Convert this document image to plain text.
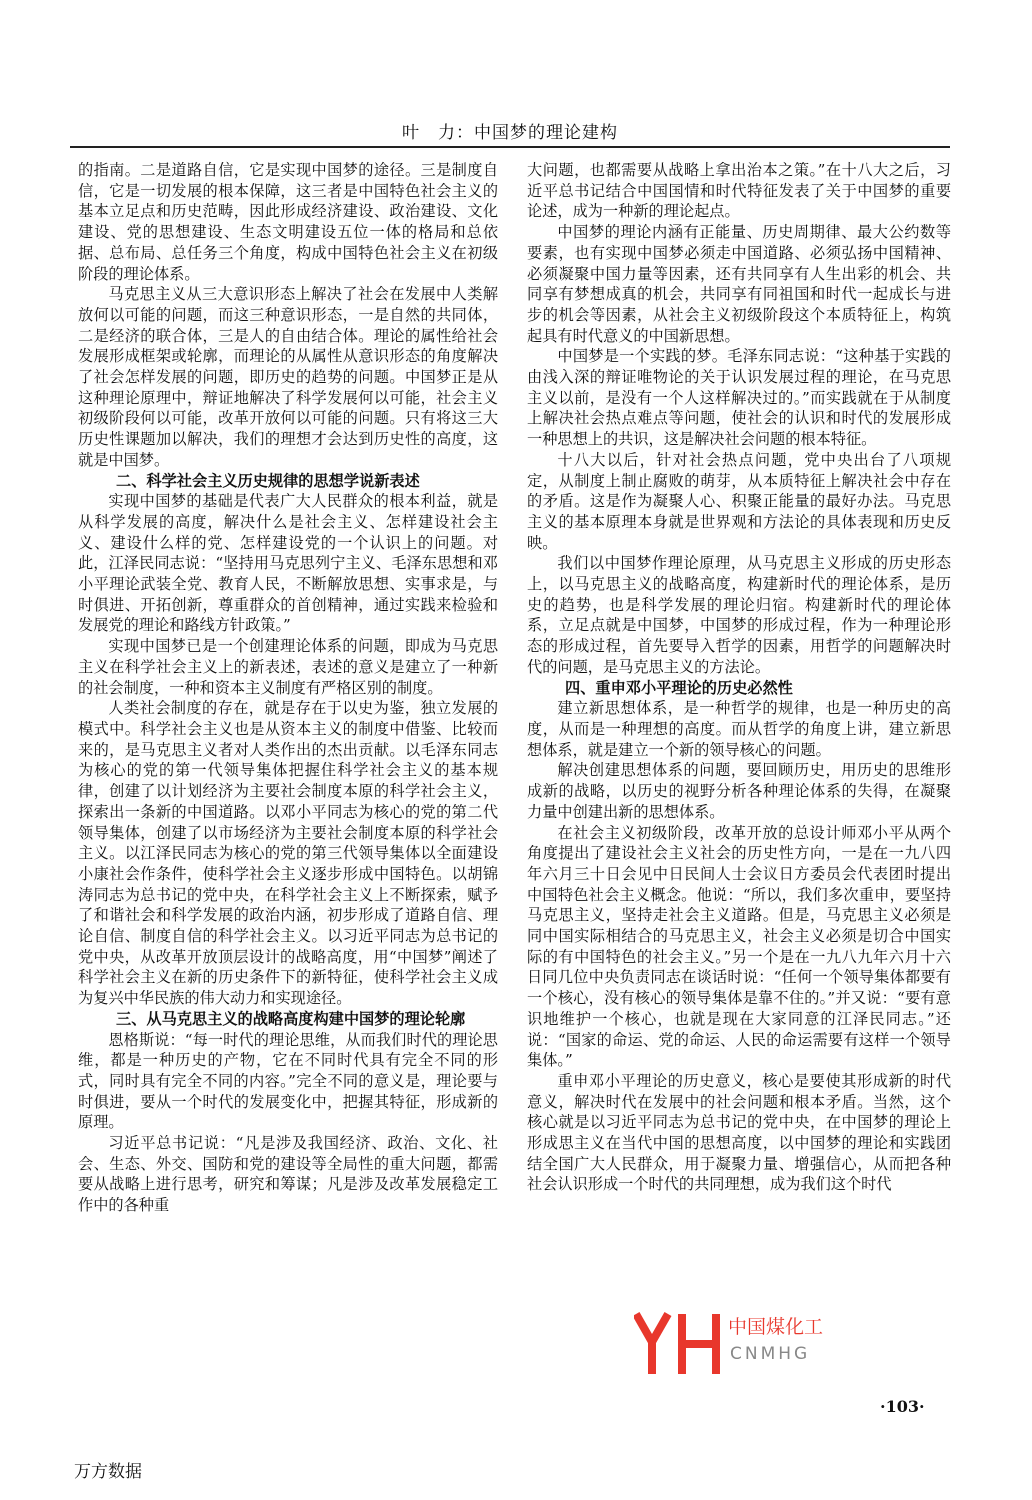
叶　力：中国梦的理论建构

的指南。二是道路自信，它是实现中国梦的途径。三是制度自信，它是一切发展的根本保障，这三者是中国特色社会主义的基本立足点和历史范畴，因此形成经济建设、政治建设、文化建设、党的思想建设、生态文明建设五位一体的格局和总依据、总布局、总任务三个角度，构成中国特色社会主义在初级阶段的理论体系。

马克思主义从三大意识形态上解决了社会在发展中人类解放何以可能的问题，而这三种意识形态，一是自然的共同体，二是经济的联合体，三是人的自由结合体。理论的属性给社会发展形成框架或轮廓，而理论的从属性从意识形态的角度解决了社会怎样发展的问题，即历史的趋势的问题。中国梦正是从这种理论原理中，辩证地解决了科学发展何以可能，社会主义初级阶段何以可能，改革开放何以可能的问题。只有将这三大历史性课题加以解决，我们的理想才会达到历史性的高度，这就是中国梦。

二、科学社会主义历史规律的思想学说新表述

实现中国梦的基础是代表广大人民群众的根本利益，就是从科学发展的高度，解决什么是社会主义、怎样建设社会主义、建设什么样的党、怎样建设党的一个认识上的问题。对此，江泽民同志说：“坚持用马克思列宁主义、毛泽东思想和邓小平理论武装全党、教育人民，不断解放思想、实事求是，与时俱进、开拓创新，尊重群众的首创精神，通过实践来检验和发展党的理论和路线方针政策。”

实现中国梦已是一个创建理论体系的问题，即成为马克思主义在科学社会主义上的新表述，表述的意义是建立了一种新的社会制度，一种和资本主义制度有严格区别的制度。

人类社会制度的存在，就是存在于以史为鉴，独立发展的模式中。科学社会主义也是从资本主义的制度中借鉴、比较而来的，是马克思主义者对人类作出的杰出贡献。以毛泽东同志为核心的党的第一代领导集体把握住科学社会主义的基本规律，创建了以计划经济为主要社会制度本原的科学社会主义，探索出一条新的中国道路。以邓小平同志为核心的党的第二代领导集体，创建了以市场经济为主要社会制度本原的科学社会主义。以江泽民同志为核心的党的第三代领导集体以全面建设小康社会作条件，使科学社会主义逐步形成中国特色。以胡锦涛同志为总书记的党中央，在科学社会主义上不断探索，赋予了和谐社会和科学发展的政治内涵，初步形成了道路自信、理论自信、制度自信的科学社会主义。以习近平同志为总书记的党中央，从改革开放顶层设计的战略高度，用“中国梦”阐述了科学社会主义在新的历史条件下的新特征，使科学社会主义成为复兴中华民族的伟大动力和实现途径。

三、从马克思主义的战略高度构建中国梦的理论轮廓

恩格斯说：“每一时代的理论思维，从而我们时代的理论思维，都是一种历史的产物，它在不同时代具有完全不同的形式，同时具有完全不同的内容。”完全不同的意义是，理论要与时俱进，要从一个时代的发展变化中，把握其特征，形成新的原理。

习近平总书记说：“凡是涉及我国经济、政治、文化、社会、生态、外交、国防和党的建设等全局性的重大问题，都需要从战略上进行思考，研究和筹谋；凡是涉及改革发展稳定工作中的各种重

大问题，也都需要从战略上拿出治本之策。”在十八大之后，习近平总书记结合中国国情和时代特征发表了关于中国梦的重要论述，成为一种新的理论起点。

中国梦的理论内涵有正能量、历史周期律、最大公约数等要素，也有实现中国梦必须走中国道路、必须弘扬中国精神、必须凝聚中国力量等因素，还有共同享有人生出彩的机会、共同享有梦想成真的机会，共同享有同祖国和时代一起成长与进步的机会等因素，从社会主义初级阶段这个本质特征上，构筑起具有时代意义的中国新思想。

中国梦是一个实践的梦。毛泽东同志说：“这种基于实践的由浅入深的辩证唯物论的关于认识发展过程的理论，在马克思主义以前，是没有一个人这样解决过的。”而实践就在于从制度上解决社会热点难点等问题，使社会的认识和时代的发展形成一种思想上的共识，这是解决社会问题的根本特征。

十八大以后，针对社会热点问题，党中央出台了八项规定，从制度上制止腐败的萌芽，从本质特征上解决社会中存在的矛盾。这是作为凝聚人心、积聚正能量的最好办法。马克思主义的基本原理本身就是世界观和方法论的具体表现和历史反映。

我们以中国梦作理论原理，从马克思主义形成的历史形态上，以马克思主义的战略高度，构建新时代的理论体系，是历史的趋势，也是科学发展的理论归宿。构建新时代的理论体系，立足点就是中国梦，中国梦的形成过程，作为一种理论形态的形成过程，首先要导入哲学的因素，用哲学的问题解决时代的问题，是马克思主义的方法论。

四、重申邓小平理论的历史必然性

建立新思想体系，是一种哲学的规律，也是一种历史的高度，从而是一种理想的高度。而从哲学的角度上讲，建立新思想体系，就是建立一个新的领导核心的问题。

解决创建思想体系的问题，要回顾历史，用历史的思维形成新的战略，以历史的视野分析各种理论体系的失得，在凝聚力量中创建出新的思想体系。

在社会主义初级阶段，改革开放的总设计师邓小平从两个角度提出了建设社会主义社会的历史性方向，一是在一九八四年六月三十日会见中日民间人士会议日方委员会代表团时提出中国特色社会主义概念。他说：“所以，我们多次重申，要坚持马克思主义，坚持走社会主义道路。但是，马克思主义必须是同中国实际相结合的马克思主义，社会主义必须是切合中国实际的有中国特色的社会主义。”另一个是在一九八九年六月十六日同几位中央负责同志在谈话时说：“任何一个领导集体都要有一个核心，没有核心的领导集体是靠不住的。”并又说：“要有意识地维护一个核心，也就是现在大家同意的江泽民同志。”还说：“国家的命运、党的命运、人民的命运需要有这样一个领导集体。”

重申邓小平理论的历史意义，核心是要使其形成新的时代意义，解决时代在发展中的社会问题和根本矛盾。当然，这个核心就是以习近平同志为总书记的党中央，在中国梦的理论上形成思主义在当代中国的思想高度，以中国梦的理论和实践团结全国广大人民群众，用于凝聚力量、增强信心，从而把各种社会认识形成一个时代的共同理想，成为我们这个时代

中国煤化工
CNMHG
·103·
万方数据
